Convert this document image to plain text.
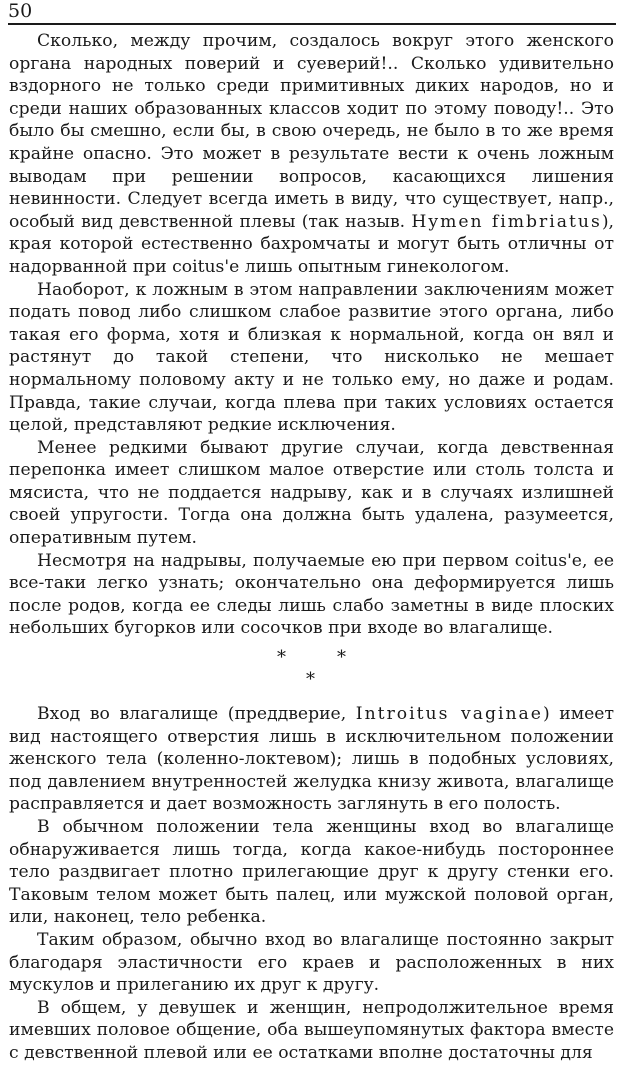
50

Сколько, между прочим, создалось вокруг этого женского органа народных поверий и суеверий!.. Сколько удивительно вздорного не только среди примитивных диких народов, но и среди наших образованных классов ходит по этому поводу!.. Это было бы смешно, если бы, в свою очередь, не было в то же время крайне опасно. Это может в результате вести к очень ложным выводам при решении вопросов, касающихся лишения невинности. Следует всегда иметь в виду, что существует, напр., особый вид девственной плевы (так назыв. Hymen fimbriatus), края которой естественно бахромчаты и могут быть отличны от надорванной при coitus'е лишь опытным гинекологом.

Наоборот, к ложным в этом направлении заключениям может подать повод либо слишком слабое развитие этого органа, либо такая его форма, хотя и близкая к нормальной, когда он вял и растянут до такой степени, что нисколько не мешает нормальному половому акту и не только ему, но даже и родам. Правда, такие случаи, когда плева при таких условиях остается целой, представляют редкие исключения.

Менее редкими бывают другие случаи, когда девственная перепонка имеет слишком малое отверстие или столь толста и мясиста, что не поддается надрыву, как и в случаях излишней своей упругости. Тогда она должна быть удалена, разумеется, оперативным путем.

Несмотря на надрывы, получаемые ею при первом coitus'е, ее все-таки легко узнать; окончательно она деформируется лишь после родов, когда ее следы лишь слабо заметны в виде плоских небольших бугорков или сосочков при входе во влагалище.

*	*
*

Вход во влагалище (преддверие, Introitus vaginae) имеет вид настоящего отверстия лишь в исключительном положении женского тела (коленно-локтевом); лишь в подобных условиях, под давлением внутренностей желудка книзу живота, влагалище расправляется и дает возможность заглянуть в его полость.

В обычном положении тела женщины вход во влагалище обнаруживается лишь тогда, когда какое-нибудь постороннее тело раздвигает плотно прилегающие друг к другу стенки его. Таковым телом может быть палец, или мужской половой орган, или, наконец, тело ребенка.

Таким образом, обычно вход во влагалище постоянно закрыт благодаря эластичности его краев и расположенных в них мускулов и прилеганию их друг к другу.

В общем, у девушек и женщин, непродолжительное время имевших половое общение, оба вышеупомянутых фактора вместе с девственной плевой или ее остатками вполне достаточны для
